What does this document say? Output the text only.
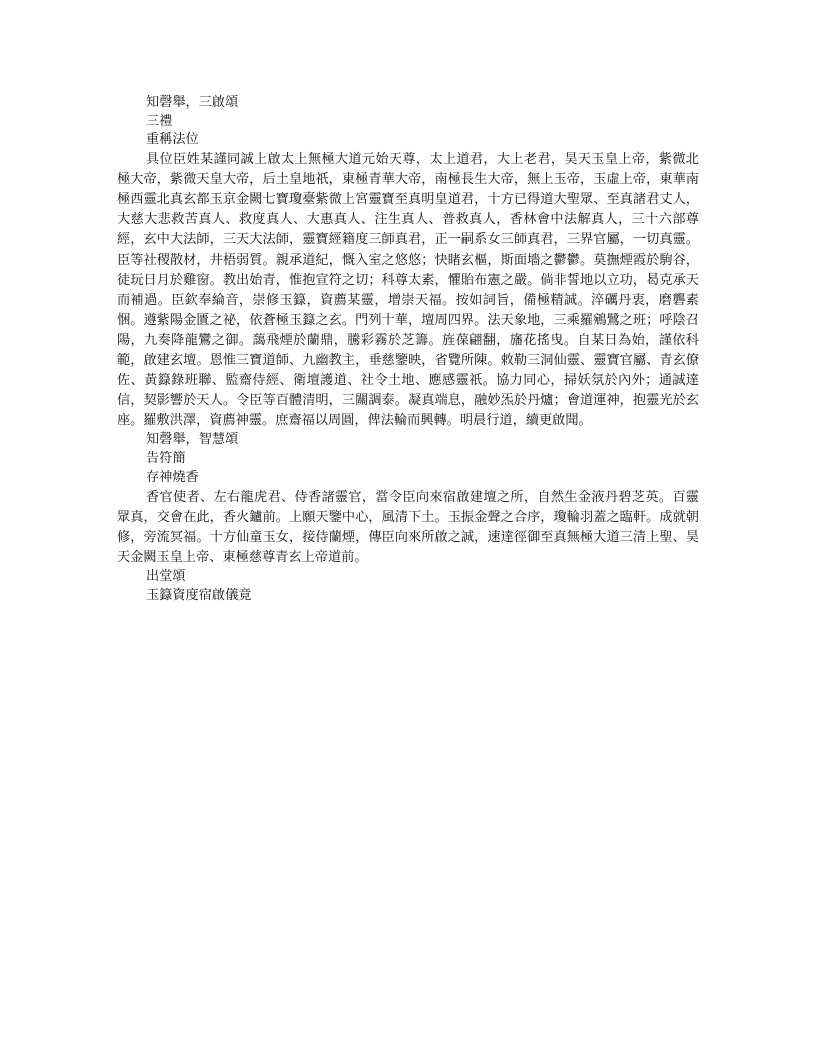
知磬舉，三啟頌

三禮

重稱法位

具位臣姓某謹同誠上啟太上無極大道元始天尊，太上道君，大上老君，昊天玉皇上帝，紫微北極大帝，紫微天皇大帝，后土皇地祇，東極青華大帝，南極長生大帝，無上玉帝，玉虛上帝，東華南極西靈北真玄都玉京金闕七寶瓊臺紫微上宮靈寶至真明皇道君，十方已得道大聖眾、至真諸君丈人，大慈大悲救苦真人、救度真人、大惠真人、注生真人、普救真人，香林會中法解真人，三十六部尊經，玄中大法師，三天大法師，靈寶經籍度三師真君，正一嗣系女三師真君，三界官屬，一切真靈。臣等社稷散材，井梧弱質。親承道紀，慨入室之悠悠；快睹玄樞，斯面墻之鬱鬱。莫撫煙霞於駒谷，徒玩日月於雞窗。教出始青，惟抱宣符之切；科尊太素，懼貽布憲之嚴。倘非誓地以立功，曷克承天而補過。臣欽奉綸音，崇修玉籙，資薦某靈，增崇天福。按如詞旨，備極精誠。淬礪丹衷，磨礱素悃。遵紫陽金匱之祕，依蒼極玉籙之玄。門列十華，壇周四界。法天象地，三乘羅鵷鷺之班；呼陰召陽，九奏降龍鸞之御。藹飛煙於蘭鼎，騰彩霧於芝籌。旌葆翩翻，旛花搖曳。自某日為始，謹依科範，啟建玄壇。恩惟三寶道師、九幽教主，垂慈鑒映，省覽所陳。敕勒三洞仙靈、靈寶官屬、青玄僚佐、黃籙錄班聯、監齋侍經、衛壇護道、社令土地、應感靈祇。協力同心，掃妖氛於內外；通誠達信，契影響於天人。令臣等百體清明，三關調泰。凝真端息，融妙炁於丹爐；會道運神，抱靈光於玄座。羅敷洪澤，資薦神靈。庶齋福以周圓，俾法輪而興轉。明晨行道，續更啟聞。

知磬舉，智慧頌

告符簡

存神燒香

香官使者、左右龍虎君、侍香諸靈官，當令臣向來宿啟建壇之所，自然生金液丹碧芝英。百靈眾真，交會在此，香火鑪前。上願天鑒中心，風清下土。玉振金聲之合序，瓊輪羽蓋之臨軒。成就朝修，旁流冥福。十方仙童玉女，接侍蘭煙，傳臣向來所啟之誠，速達徑御至真無極大道三清上聖、昊天金闕玉皇上帝、東極慈尊青玄上帝道前。

出堂頌

玉籙資度宿啟儀竟
